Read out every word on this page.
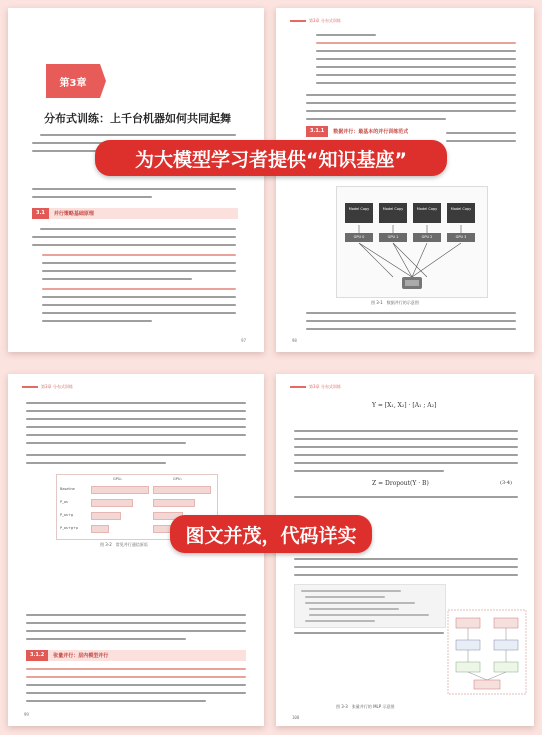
第3章
分布式训练：上千台机器如何共同起舞
3.1	并行策略基础原理
97
第3章 分布式训练
3.1.1	数据并行：最基本的并行训练范式
Model Copy	Model Copy	Model Copy	Model Copy
GPU 0	GPU 1	GPU 2	GPU 3
图 3-1　数据并行的示意图
98
第3章 分布式训练
GPU₀	GPU₁
Baseline
P_os
P_os+g
P_os+g+p
图 3-2　常见并行通信原语
3.1.2	张量并行：层内模型并行
99
第3章 分布式训练
Y = [X₁, X₂] · [A₁ ; A₂]
Z = Dropout(Y · B)	(3-4)
图 3-3　张量并行的 MLP 示意图
100
为大模型学习者提供“知识基座”
图文并茂，代码详实
